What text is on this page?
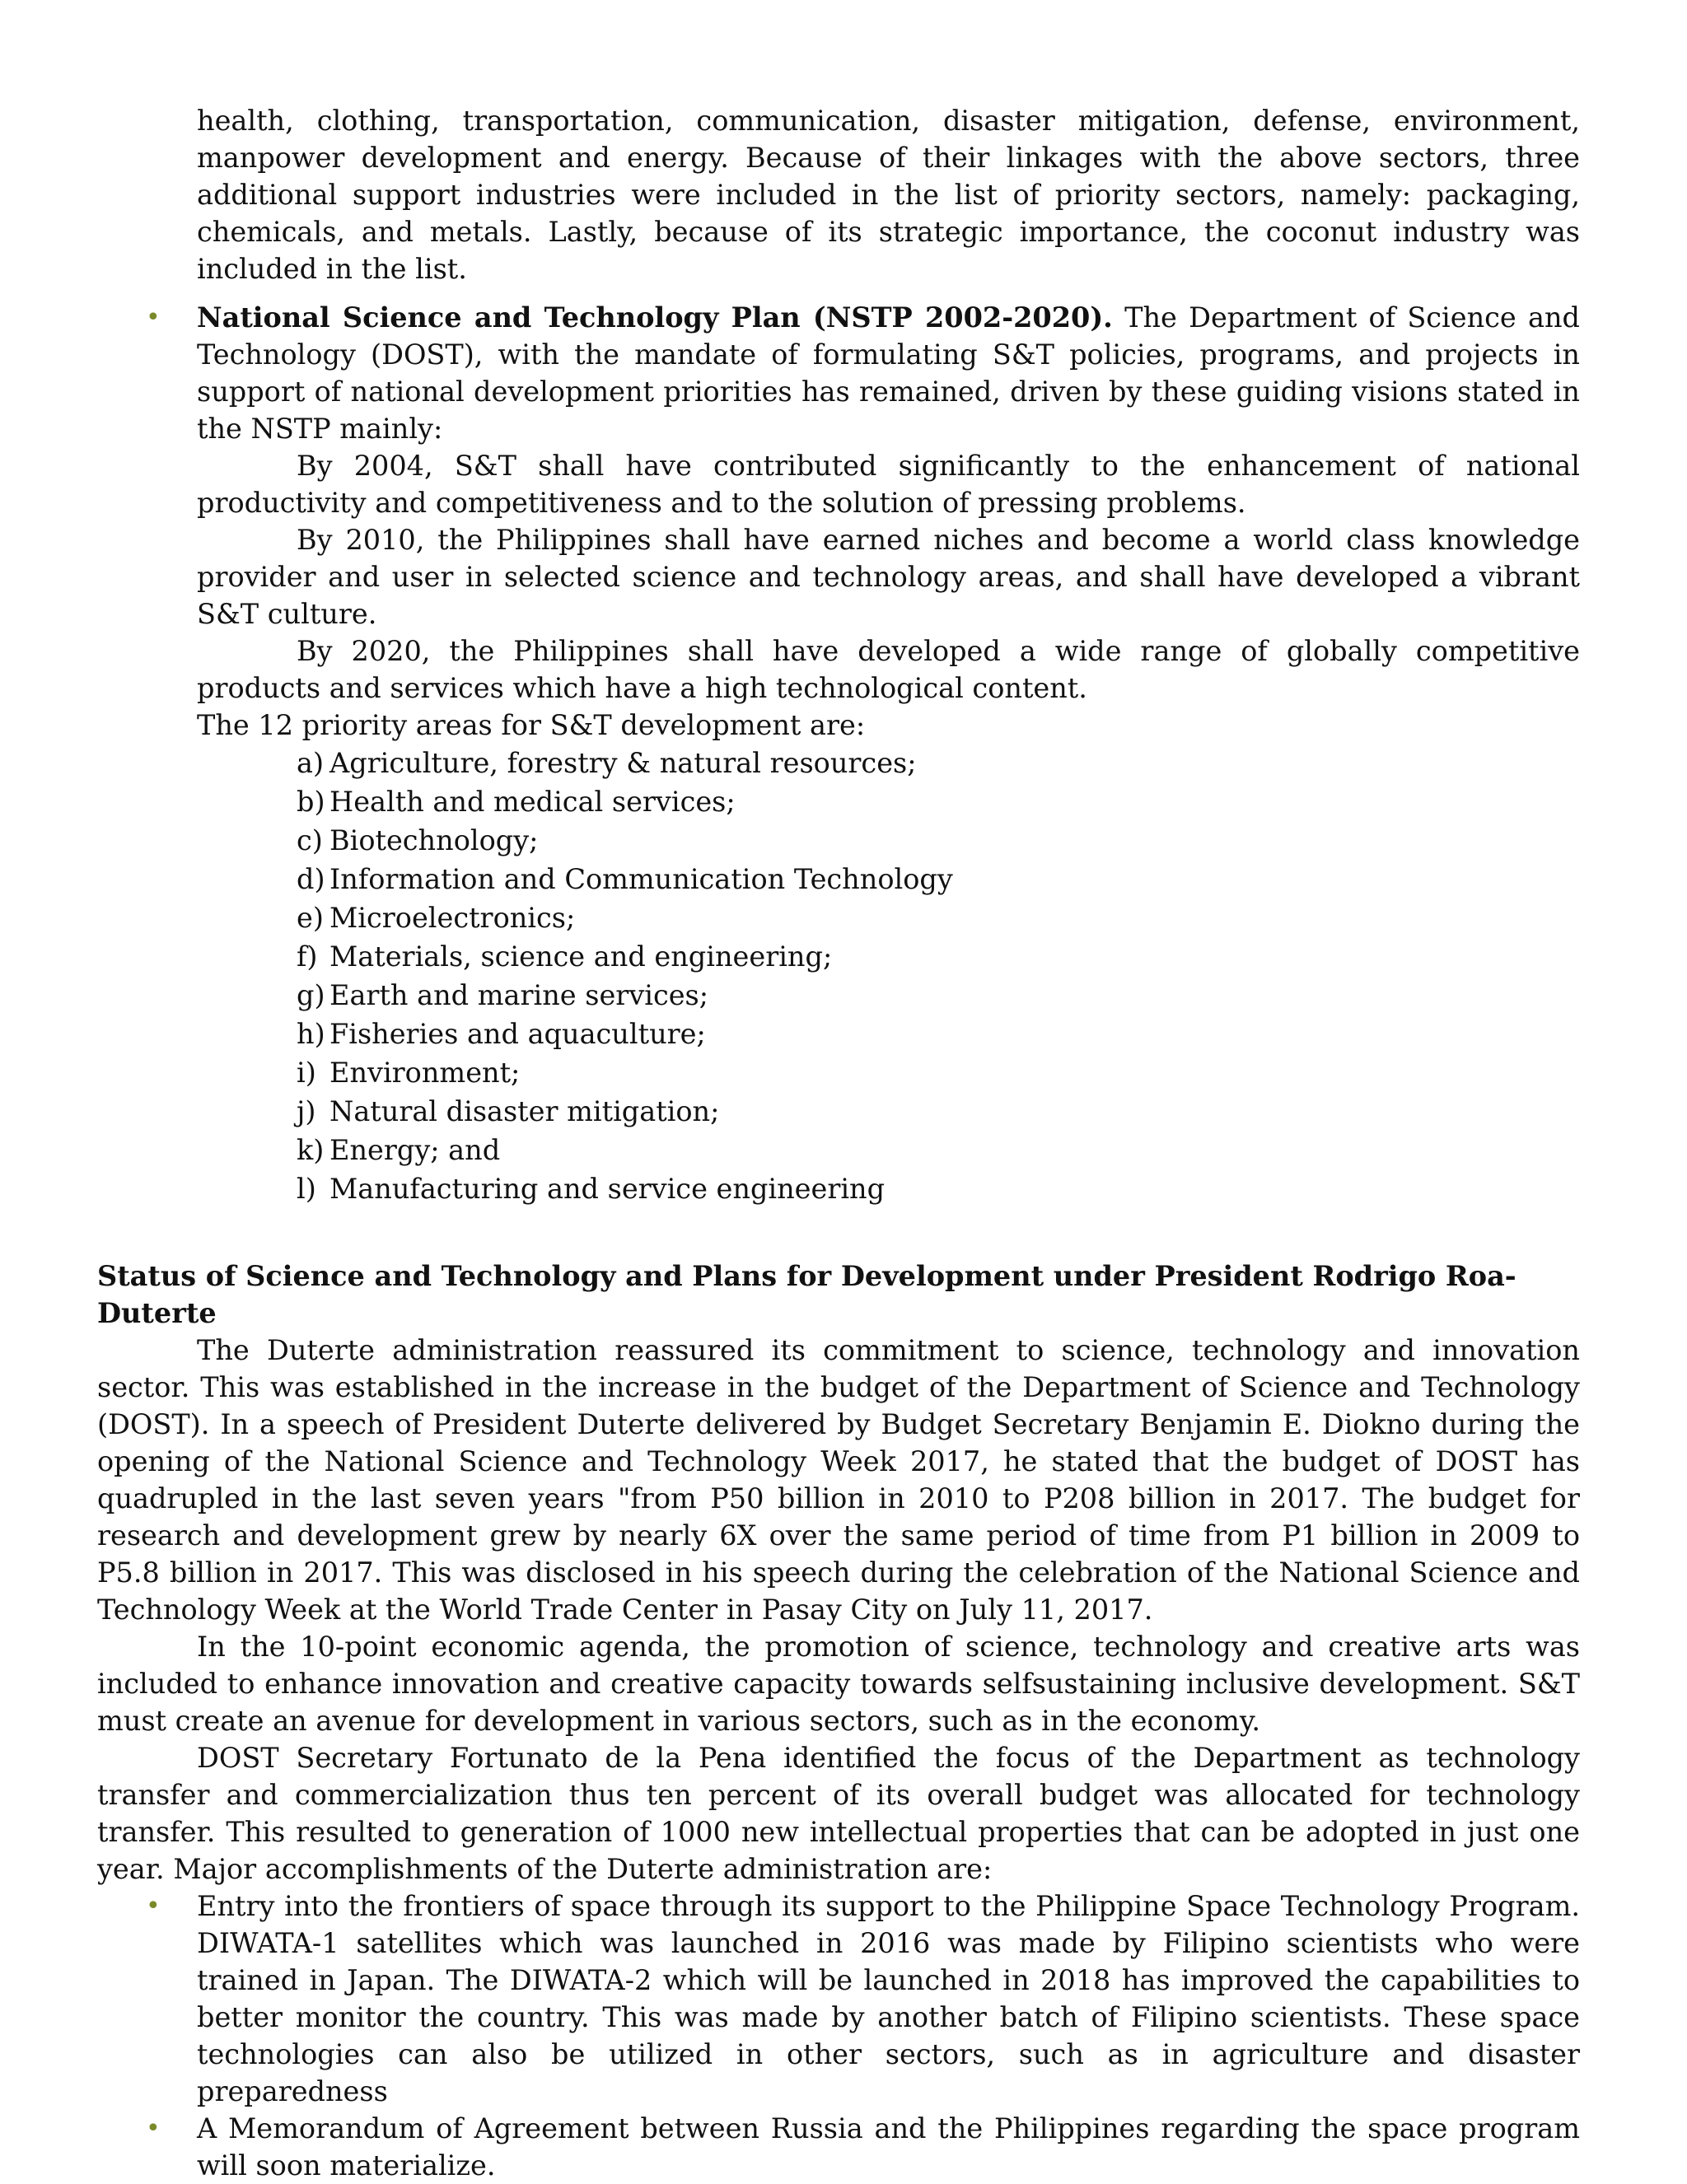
health, clothing, transportation, communication, disaster mitigation, defense, environment, manpower development and energy. Because of their linkages with the above sectors, three additional support industries were included in the list of priority sectors, namely: packaging, chemicals, and metals. Lastly, because of its strategic importance, the coconut industry was included in the list.

• National Science and Technology Plan (NSTP 2002-2020). The Department of Science and Technology (DOST), with the mandate of formulating S&T policies, programs, and projects in support of national development priorities has remained, driven by these guiding visions stated in the NSTP mainly:

By 2004, S&T shall have contributed significantly to the enhancement of national productivity and competitiveness and to the solution of pressing problems.

By 2010, the Philippines shall have earned niches and become a world class knowledge provider and user in selected science and technology areas, and shall have developed a vibrant S&T culture.

By 2020, the Philippines shall have developed a wide range of globally competitive products and services which have a high technological content.

The 12 priority areas for S&T development are:

a) Agriculture, forestry & natural resources;
b) Health and medical services;
c) Biotechnology;
d) Information and Communication Technology
e) Microelectronics;
f) Materials, science and engineering;
g) Earth and marine services;
h) Fisheries and aquaculture;
i) Environment;
j) Natural disaster mitigation;
k) Energy; and
l) Manufacturing and service engineering
Status of Science and Technology and Plans for Development under President Rodrigo Roa-Duterte

The Duterte administration reassured its commitment to science, technology and innovation sector. This was established in the increase in the budget of the Department of Science and Technology (DOST). In a speech of President Duterte delivered by Budget Secretary Benjamin E. Diokno during the opening of the National Science and Technology Week 2017, he stated that the budget of DOST has quadrupled in the last seven years "from P50 billion in 2010 to P208 billion in 2017. The budget for research and development grew by nearly 6X over the same period of time from P1 billion in 2009 to P5.8 billion in 2017. This was disclosed in his speech during the celebration of the National Science and Technology Week at the World Trade Center in Pasay City on July 11, 2017.

In the 10-point economic agenda, the promotion of science, technology and creative arts was included to enhance innovation and creative capacity towards selfsustaining inclusive development. S&T must create an avenue for development in various sectors, such as in the economy.

DOST Secretary Fortunato de la Pena identified the focus of the Department as technology transfer and commercialization thus ten percent of its overall budget was allocated for technology transfer. This resulted to generation of 1000 new intellectual properties that can be adopted in just one year. Major accomplishments of the Duterte administration are:

• Entry into the frontiers of space through its support to the Philippine Space Technology Program. DIWATA-1 satellites which was launched in 2016 was made by Filipino scientists who were trained in Japan. The DIWATA-2 which will be launched in 2018 has improved the capabilities to better monitor the country. This was made by another batch of Filipino scientists. These space technologies can also be utilized in other sectors, such as in agriculture and disaster preparedness

• A Memorandum of Agreement between Russia and the Philippines regarding the space program will soon materialize.
